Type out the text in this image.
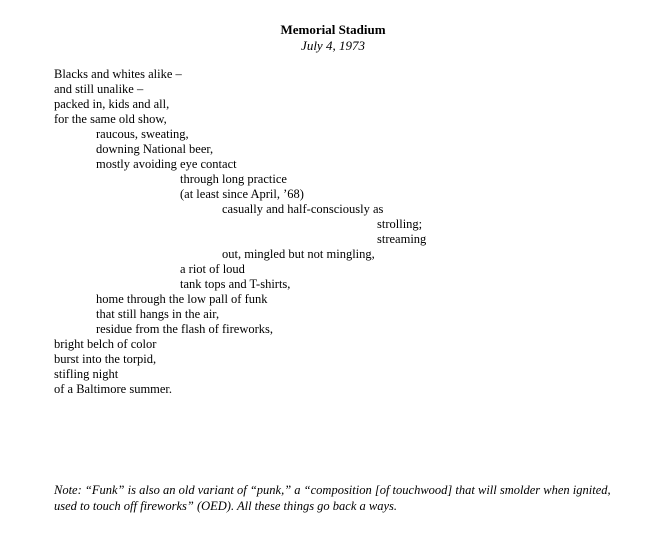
Memorial Stadium
July 4, 1973
Blacks and whites alike –
and still unalike –
packed in, kids and all,
for the same old show,
raucous, sweating,
downing National beer,
mostly avoiding eye contact
through long practice
(at least since April, ’68)
casually and half-consciously as
strolling;
streaming
out, mingled but not mingling,
a riot of loud
tank tops and T-shirts,
home through the low pall of funk
that still hangs in the air,
residue from the flash of fireworks,
bright belch of color
burst into the torpid,
stifling night
of a Baltimore summer.
Note: “Funk” is also an old variant of “punk,” a “composition [of touchwood] that will smolder when ignited, used to touch off fireworks” (OED). All these things go back a ways.
